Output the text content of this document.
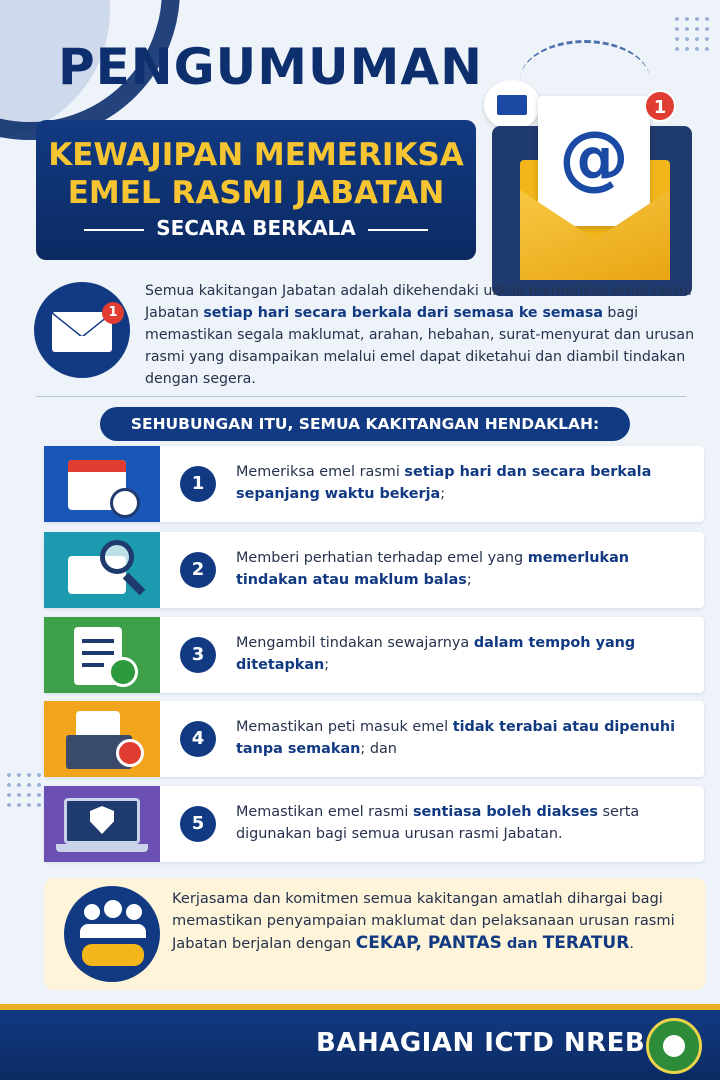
PENGUMUMAN
KEWAJIPAN MEMERIKSA
EMEL RASMI JABATAN
SECARA BERKALA
@
1
1
Semua kakitangan Jabatan adalah dikehendaki untuk memeriksa emel rasmi Jabatan setiap hari secara berkala dari semasa ke semasa bagi memastikan segala maklumat, arahan, hebahan, surat-menyurat dan urusan rasmi yang disampaikan melalui emel dapat diketahui dan diambil tindakan dengan segera.
SEHUBUNGAN ITU, SEMUA KAKITANGAN HENDAKLAH:
1
Memeriksa emel rasmi setiap hari dan secara berkala sepanjang waktu bekerja;
2
Memberi perhatian terhadap emel yang memerlukan tindakan atau maklum balas;
3
Mengambil tindakan sewajarnya dalam tempoh yang ditetapkan;
4
Memastikan peti masuk emel tidak terabai atau dipenuhi tanpa semakan; dan
5
Memastikan emel rasmi sentiasa boleh diakses serta digunakan bagi semua urusan rasmi Jabatan.
Kerjasama dan komitmen semua kakitangan amatlah dihargai bagi memastikan penyampaian maklumat dan pelaksanaan urusan rasmi Jabatan berjalan dengan CEKAP, PANTAS dan TERATUR.
BAHAGIAN ICTD NREB
